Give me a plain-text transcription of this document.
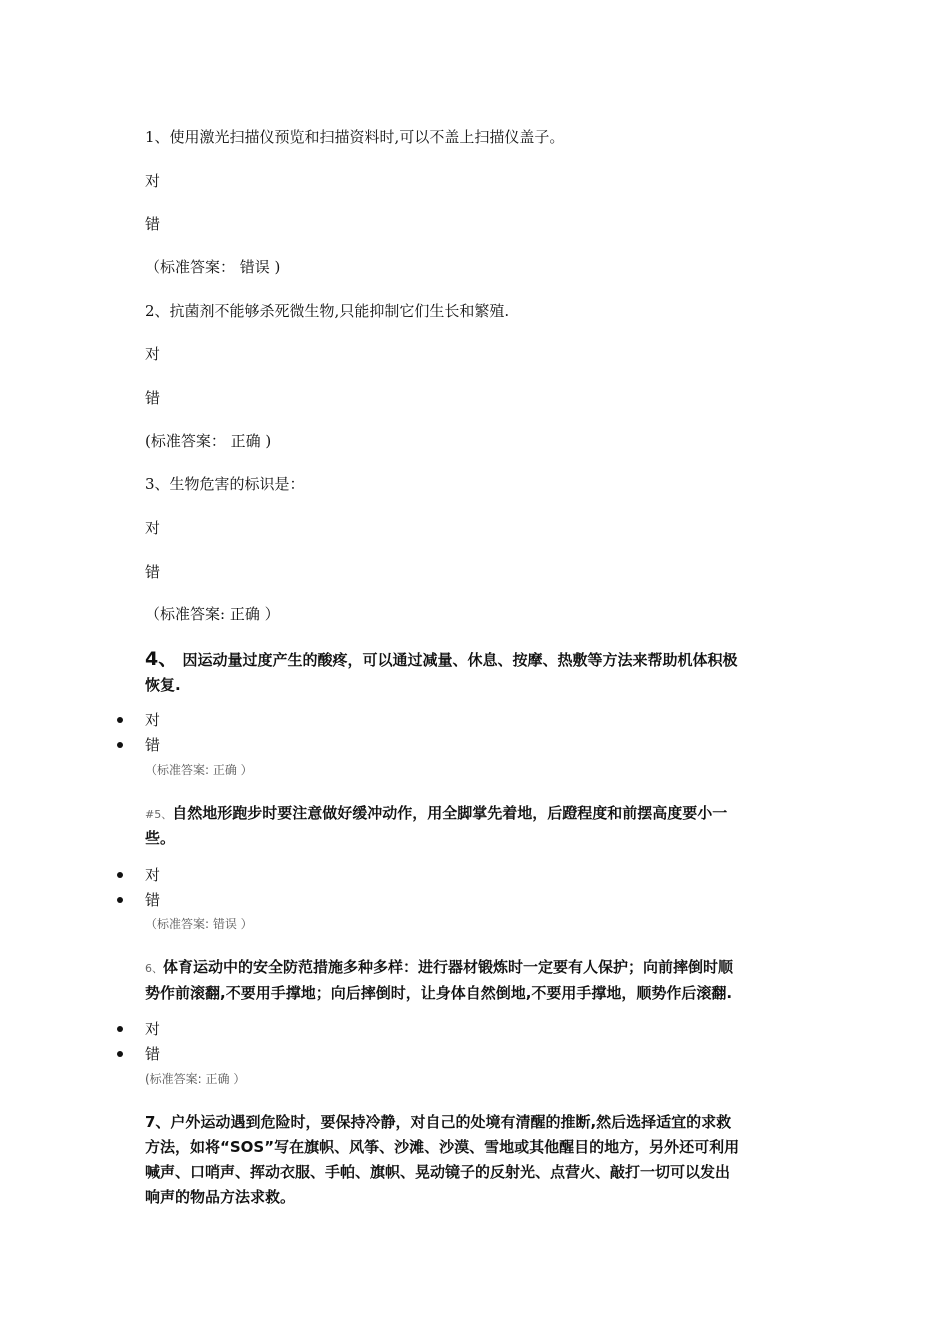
1、使用激光扫描仪预览和扫描资料时,可以不盖上扫描仪盖子。
对
错
（标准答案： 错误 )
2、抗菌剂不能够杀死微生物,只能抑制它们生长和繁殖.
对
错
(标准答案： 正确 )
3、生物危害的标识是：
对
错
（标准答案: 正确 ）
4、 因运动量过度产生的酸疼，可以通过减量、休息、按摩、热敷等方法来帮助机体积极
恢复.
对
错
（标准答案: 正确 ）
#5、自然地形跑步时要注意做好缓冲动作，用全脚掌先着地，后蹬程度和前摆高度要小一
些。
对
错
（标准答案: 错误 ）
6、体育运动中的安全防范措施多种多样：进行器材锻炼时一定要有人保护；向前摔倒时顺
势作前滚翻,不要用手撑地；向后摔倒时，让身体自然倒地,不要用手撑地，顺势作后滚翻.
对
错
(标准答案: 正确 ）
7、户外运动遇到危险时，要保持冷静，对自己的处境有清醒的推断,然后选择适宜的求救
方法，如将“SOS”写在旗帜、风筝、沙滩、沙漠、雪地或其他醒目的地方，另外还可利用
喊声、口哨声、挥动衣服、手帕、旗帜、晃动镜子的反射光、点营火、敲打一切可以发出
响声的物品方法求救。
